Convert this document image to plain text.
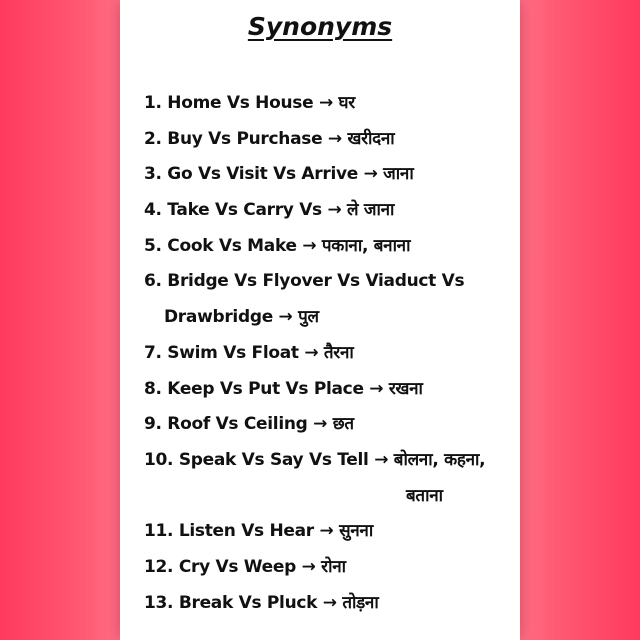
Synonyms
1. Home Vs House → घर
2. Buy Vs Purchase → खरीदना
3. Go Vs Visit Vs Arrive → जाना
4. Take Vs Carry Vs → ले जाना
5. Cook Vs Make → पकाना, बनाना
6. Bridge Vs Flyover Vs Viaduct Vs
Drawbridge → पुल
7. Swim Vs Float → तैरना
8. Keep Vs Put Vs Place → रखना
9. Roof Vs Ceiling → छत
10. Speak Vs Say Vs Tell → बोलना, कहना,
बताना
11. Listen Vs Hear → सुनना
12. Cry Vs Weep → रोना
13. Break Vs Pluck → तोड़ना
